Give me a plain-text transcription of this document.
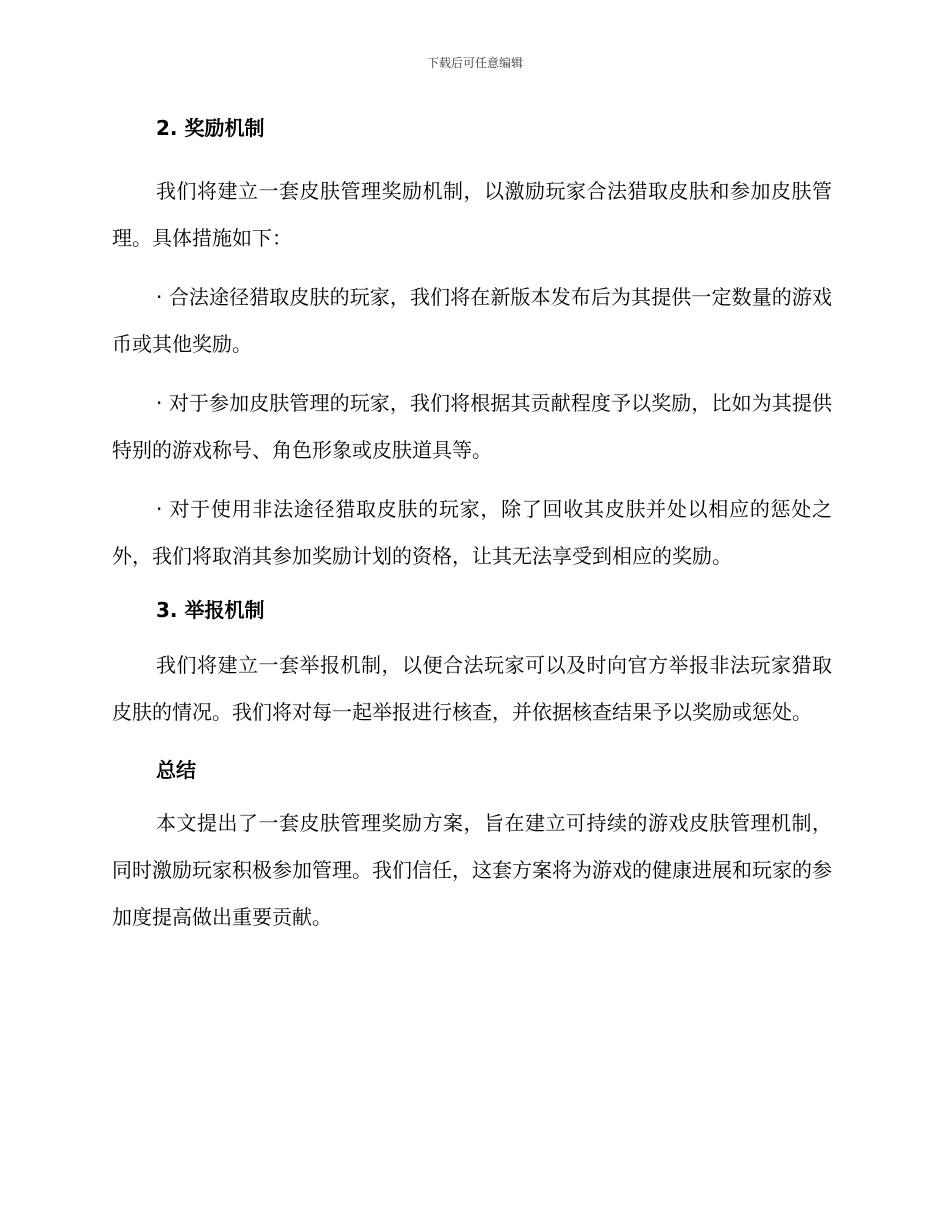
下载后可任意编辑
2. 奖励机制

我们将建立一套皮肤管理奖励机制，以激励玩家合法猎取皮肤和参加皮肤管理。具体措施如下：

· 合法途径猎取皮肤的玩家，我们将在新版本发布后为其提供一定数量的游戏币或其他奖励。

· 对于参加皮肤管理的玩家，我们将根据其贡献程度予以奖励，比如为其提供特别的游戏称号、角色形象或皮肤道具等。

· 对于使用非法途径猎取皮肤的玩家，除了回收其皮肤并处以相应的惩处之外，我们将取消其参加奖励计划的资格，让其无法享受到相应的奖励。

3. 举报机制

我们将建立一套举报机制，以便合法玩家可以及时向官方举报非法玩家猎取皮肤的情况。我们将对每一起举报进行核查，并依据核查结果予以奖励或惩处。

总结

本文提出了一套皮肤管理奖励方案，旨在建立可持续的游戏皮肤管理机制，同时激励玩家积极参加管理。我们信任，这套方案将为游戏的健康进展和玩家的参加度提高做出重要贡献。
